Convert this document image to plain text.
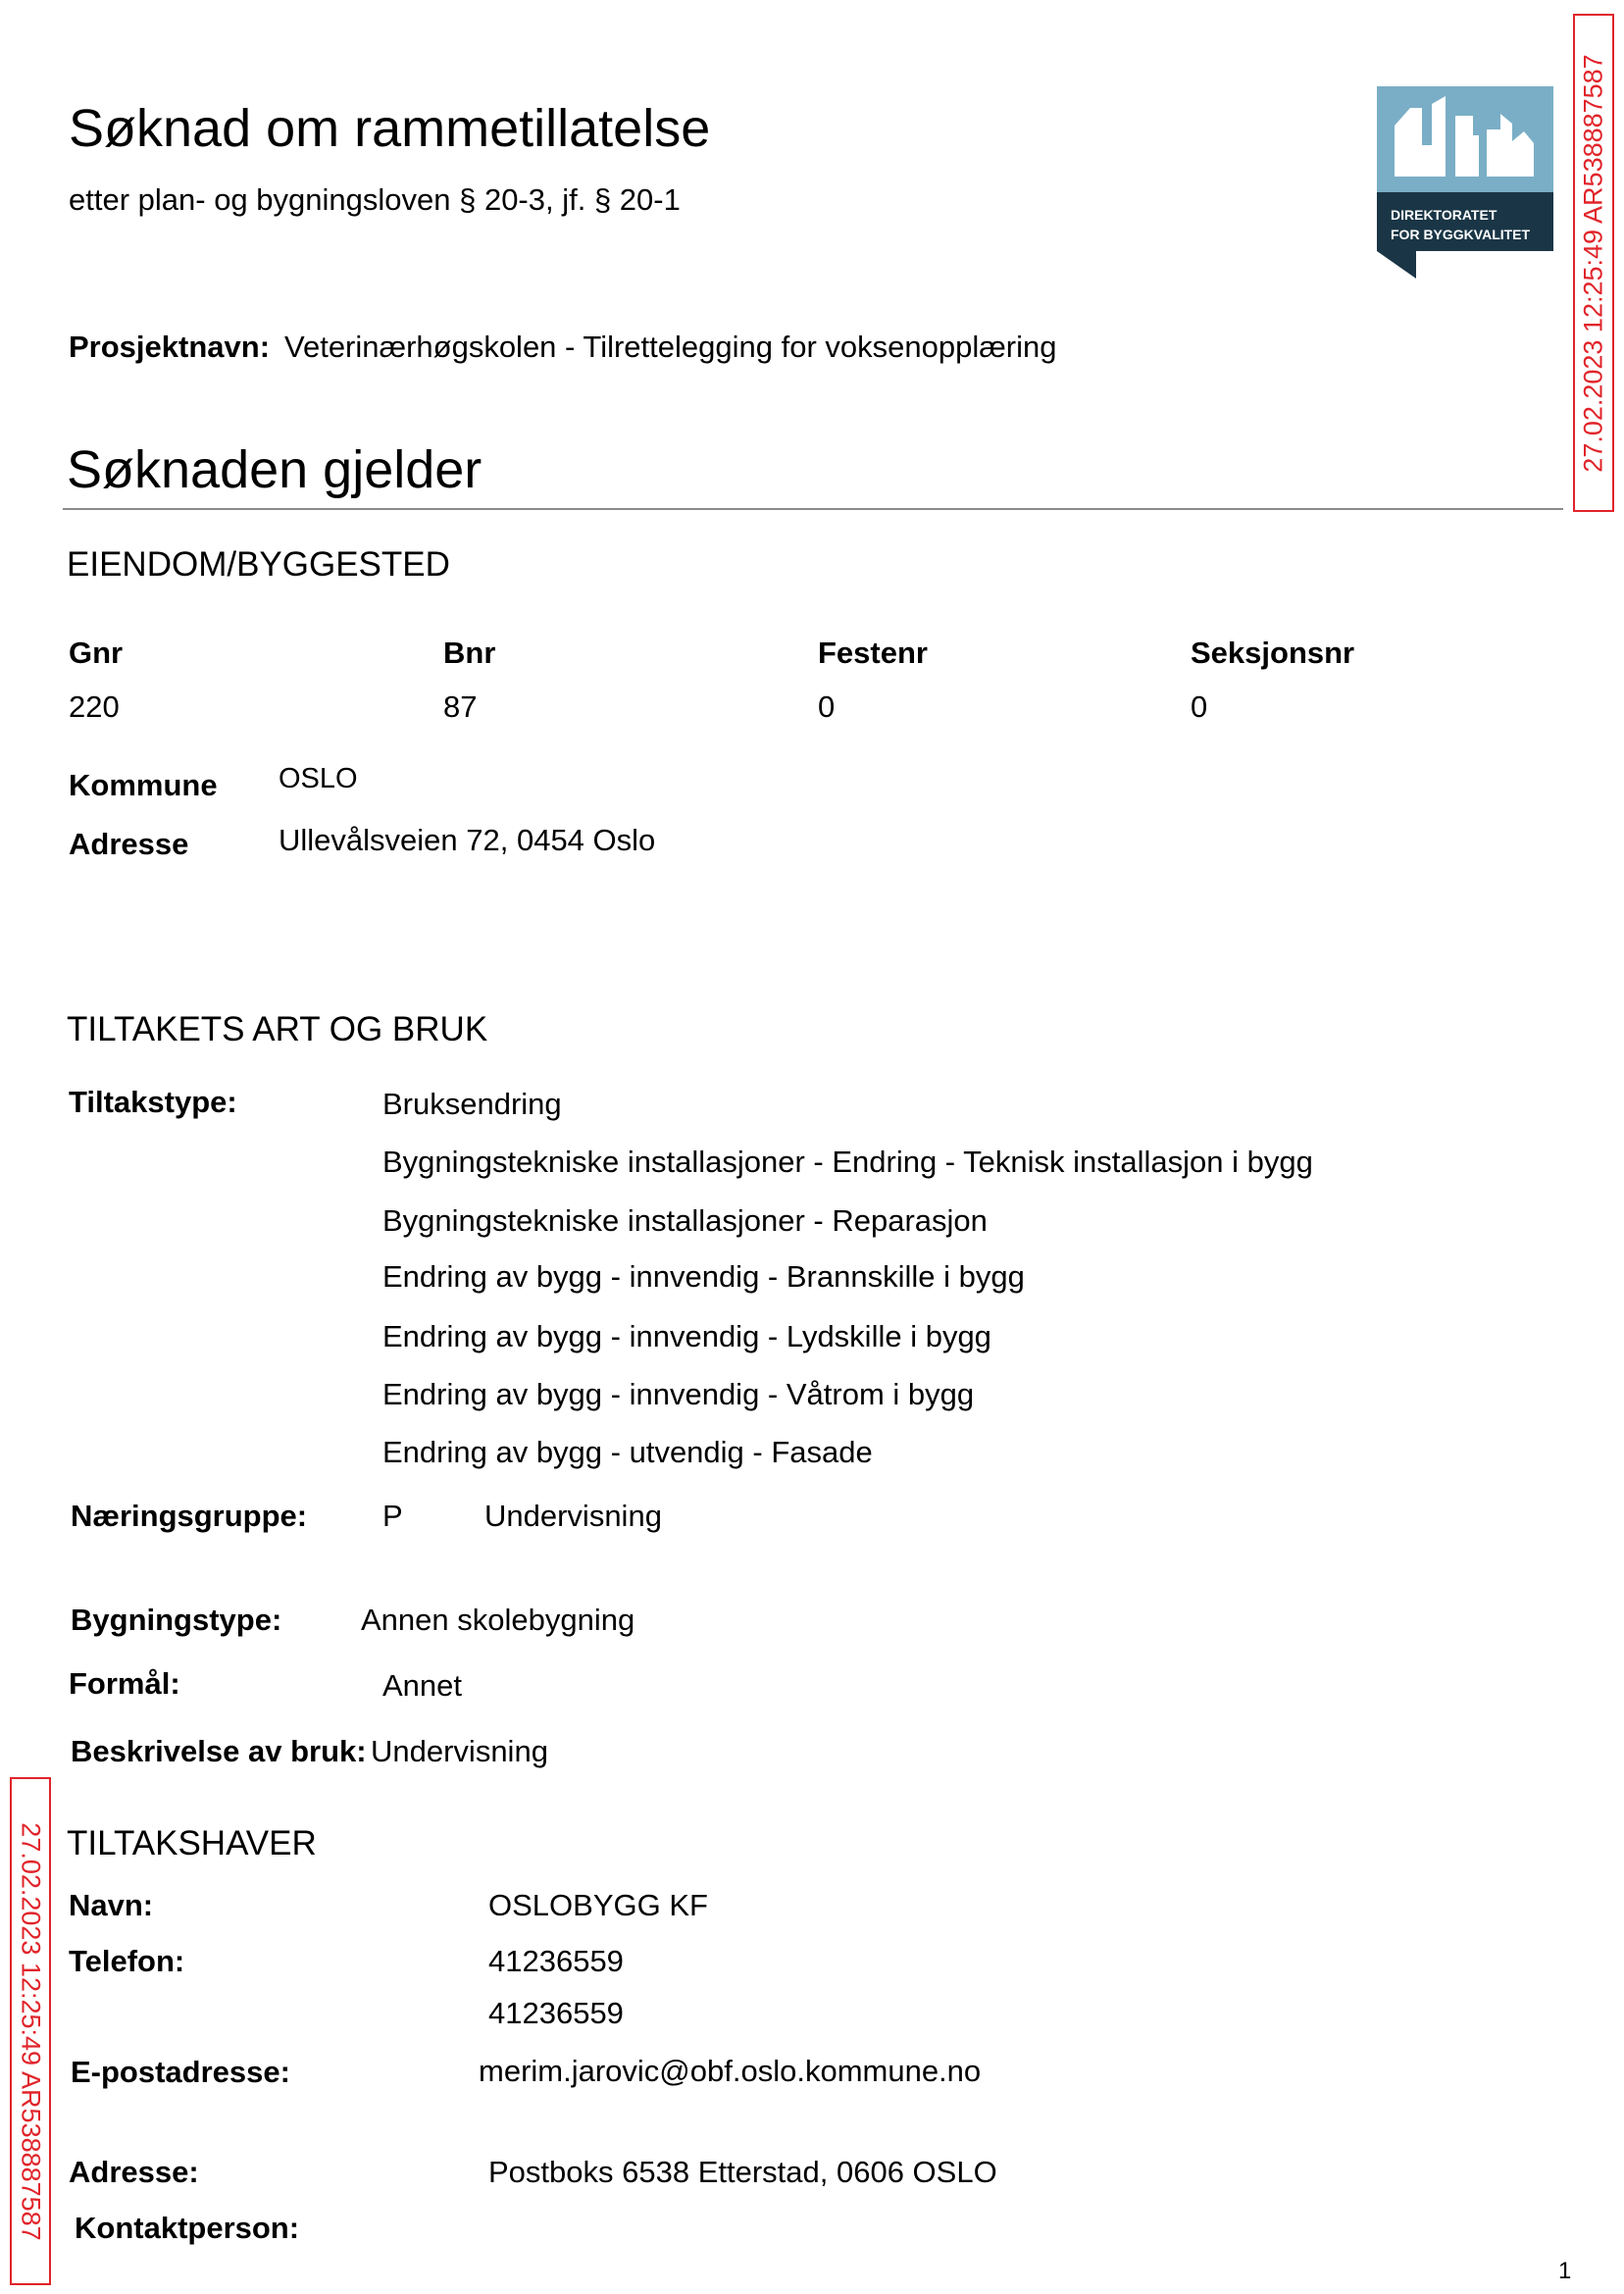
Søknad om rammetillatelse
etter plan- og bygningsloven § 20-3, jf. § 20-1
Prosjektnavn: Veterinærhøgskolen - Tilrettelegging for voksenopplæring
DIREKTORATET
FOR BYGGKVALITET 27.02.2023 12:25:49 AR538887587
27.02.2023 12:25:49 AR538887587
Søknaden gjelder
EIENDOM/BYGGESTED
Gnr	Bnr	Festenr	Seksjonsnr
220	87	0	0
Kommune OSLO
Adresse	Ullevålsveien 72, 0454 Oslo
TILTAKETS ART OG BRUK
Tiltakstype:	Bruksendring
Bygningstekniske installasjoner - Endring - Teknisk installasjon i bygg
Bygningstekniske installasjoner - Reparasjon
Endring av bygg - innvendig - Brannskille i bygg
Endring av bygg - innvendig - Lydskille i bygg
Endring av bygg - innvendig - Våtrom i bygg
Endring av bygg - utvendig - Fasade
Næringsgruppe: P	Undervisning
Bygningstype:	Annen skolebygning
Formål:	Annet
Beskrivelse av bruk: Undervisning
TILTAKSHAVER
Navn:	OSLOBYGG KF
Telefon:	41236559
41236559
E-postadresse:	merim.jarovic@obf.oslo.kommune.no
Adresse:	Postboks 6538 Etterstad, 0606 OSLO
Kontaktperson:
1
